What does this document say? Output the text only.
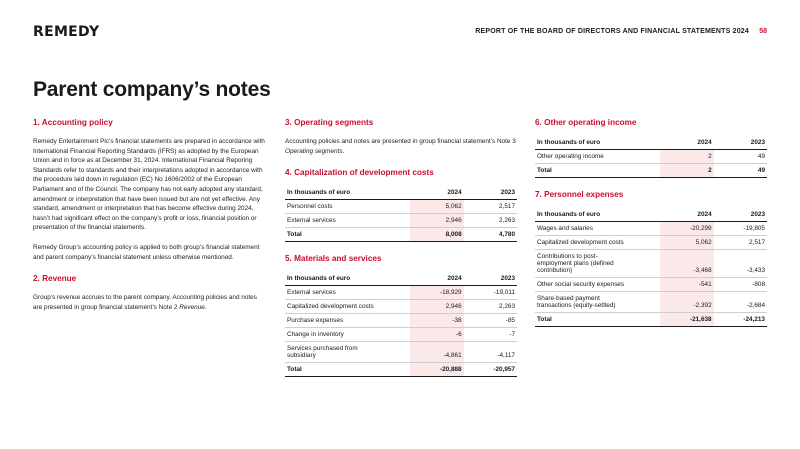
REMEDY	REPORT OF THE BOARD OF DIRECTORS AND FINANCIAL STATEMENTS 2024 58
Parent company’s notes
1. Accounting policy

Remedy Entertainment Plc’s financial statements are prepared in accordance with International Financial Reporting Standards (IFRS) as adopted by the European Union and in force as at December 31, 2024. International Financial Reporing Standards refer to standards and their interpretations adopted in accordance with the procedure laid down in regulation (EC) No 1606/2002 of the European Parliament and of the Council. The company has not early adopted any standard, amendment or interpretation that have been issued but are not yet effective. Any standard, amendment or interpretation that has become effective during 2024, hasn’t had significant effect on the company’s profit or loss, financial position or presentation of the financial statements.

Remedy Group’s accounting policy is applied to both group’s financial statement and parent company’s financial statement unless otherwise mentioned.

2. Revenue

Group’s revenue accrues to the parent company. Accounting policies and notes are presented in group financial statement’s Note 2 Revenue.

3. Operating segments

Accounting policies and notes are presented in group financial statement’s Note 3 Operating segments.

4. Capitalization of development costs
In thousands of euro	2024	2023
Personnel costs	5,062	2,517
External services	2,946	2,263
Total	8,008	4,780
5. Materials and services
In thousands of euro	2024	2023
External services	-18,929	-19,011
Capitalized development costs	2,946	2,263
Purchase expenses	-38	-85
Change in inventory	-6	-7
Services purchased from subsidiary	-4,861	-4,117
Total	-20,888	-20,957
6. Other operating income
In thousands of euro	2024	2023
Other operating income	2	49
Total	2	49
7. Personnel expenses
In thousands of euro	2024	2023
Wages and salaries	-20,299	-19,805
Capitalized development costs	5,062	2,517
Contributions to post-employment plans (defined contribution)	-3,468	-3,433
Other social security expenses	-541	-808
Share-based payment transactions (equity-settled)	-2,392	-2,684
Total	-21,638	-24,213
